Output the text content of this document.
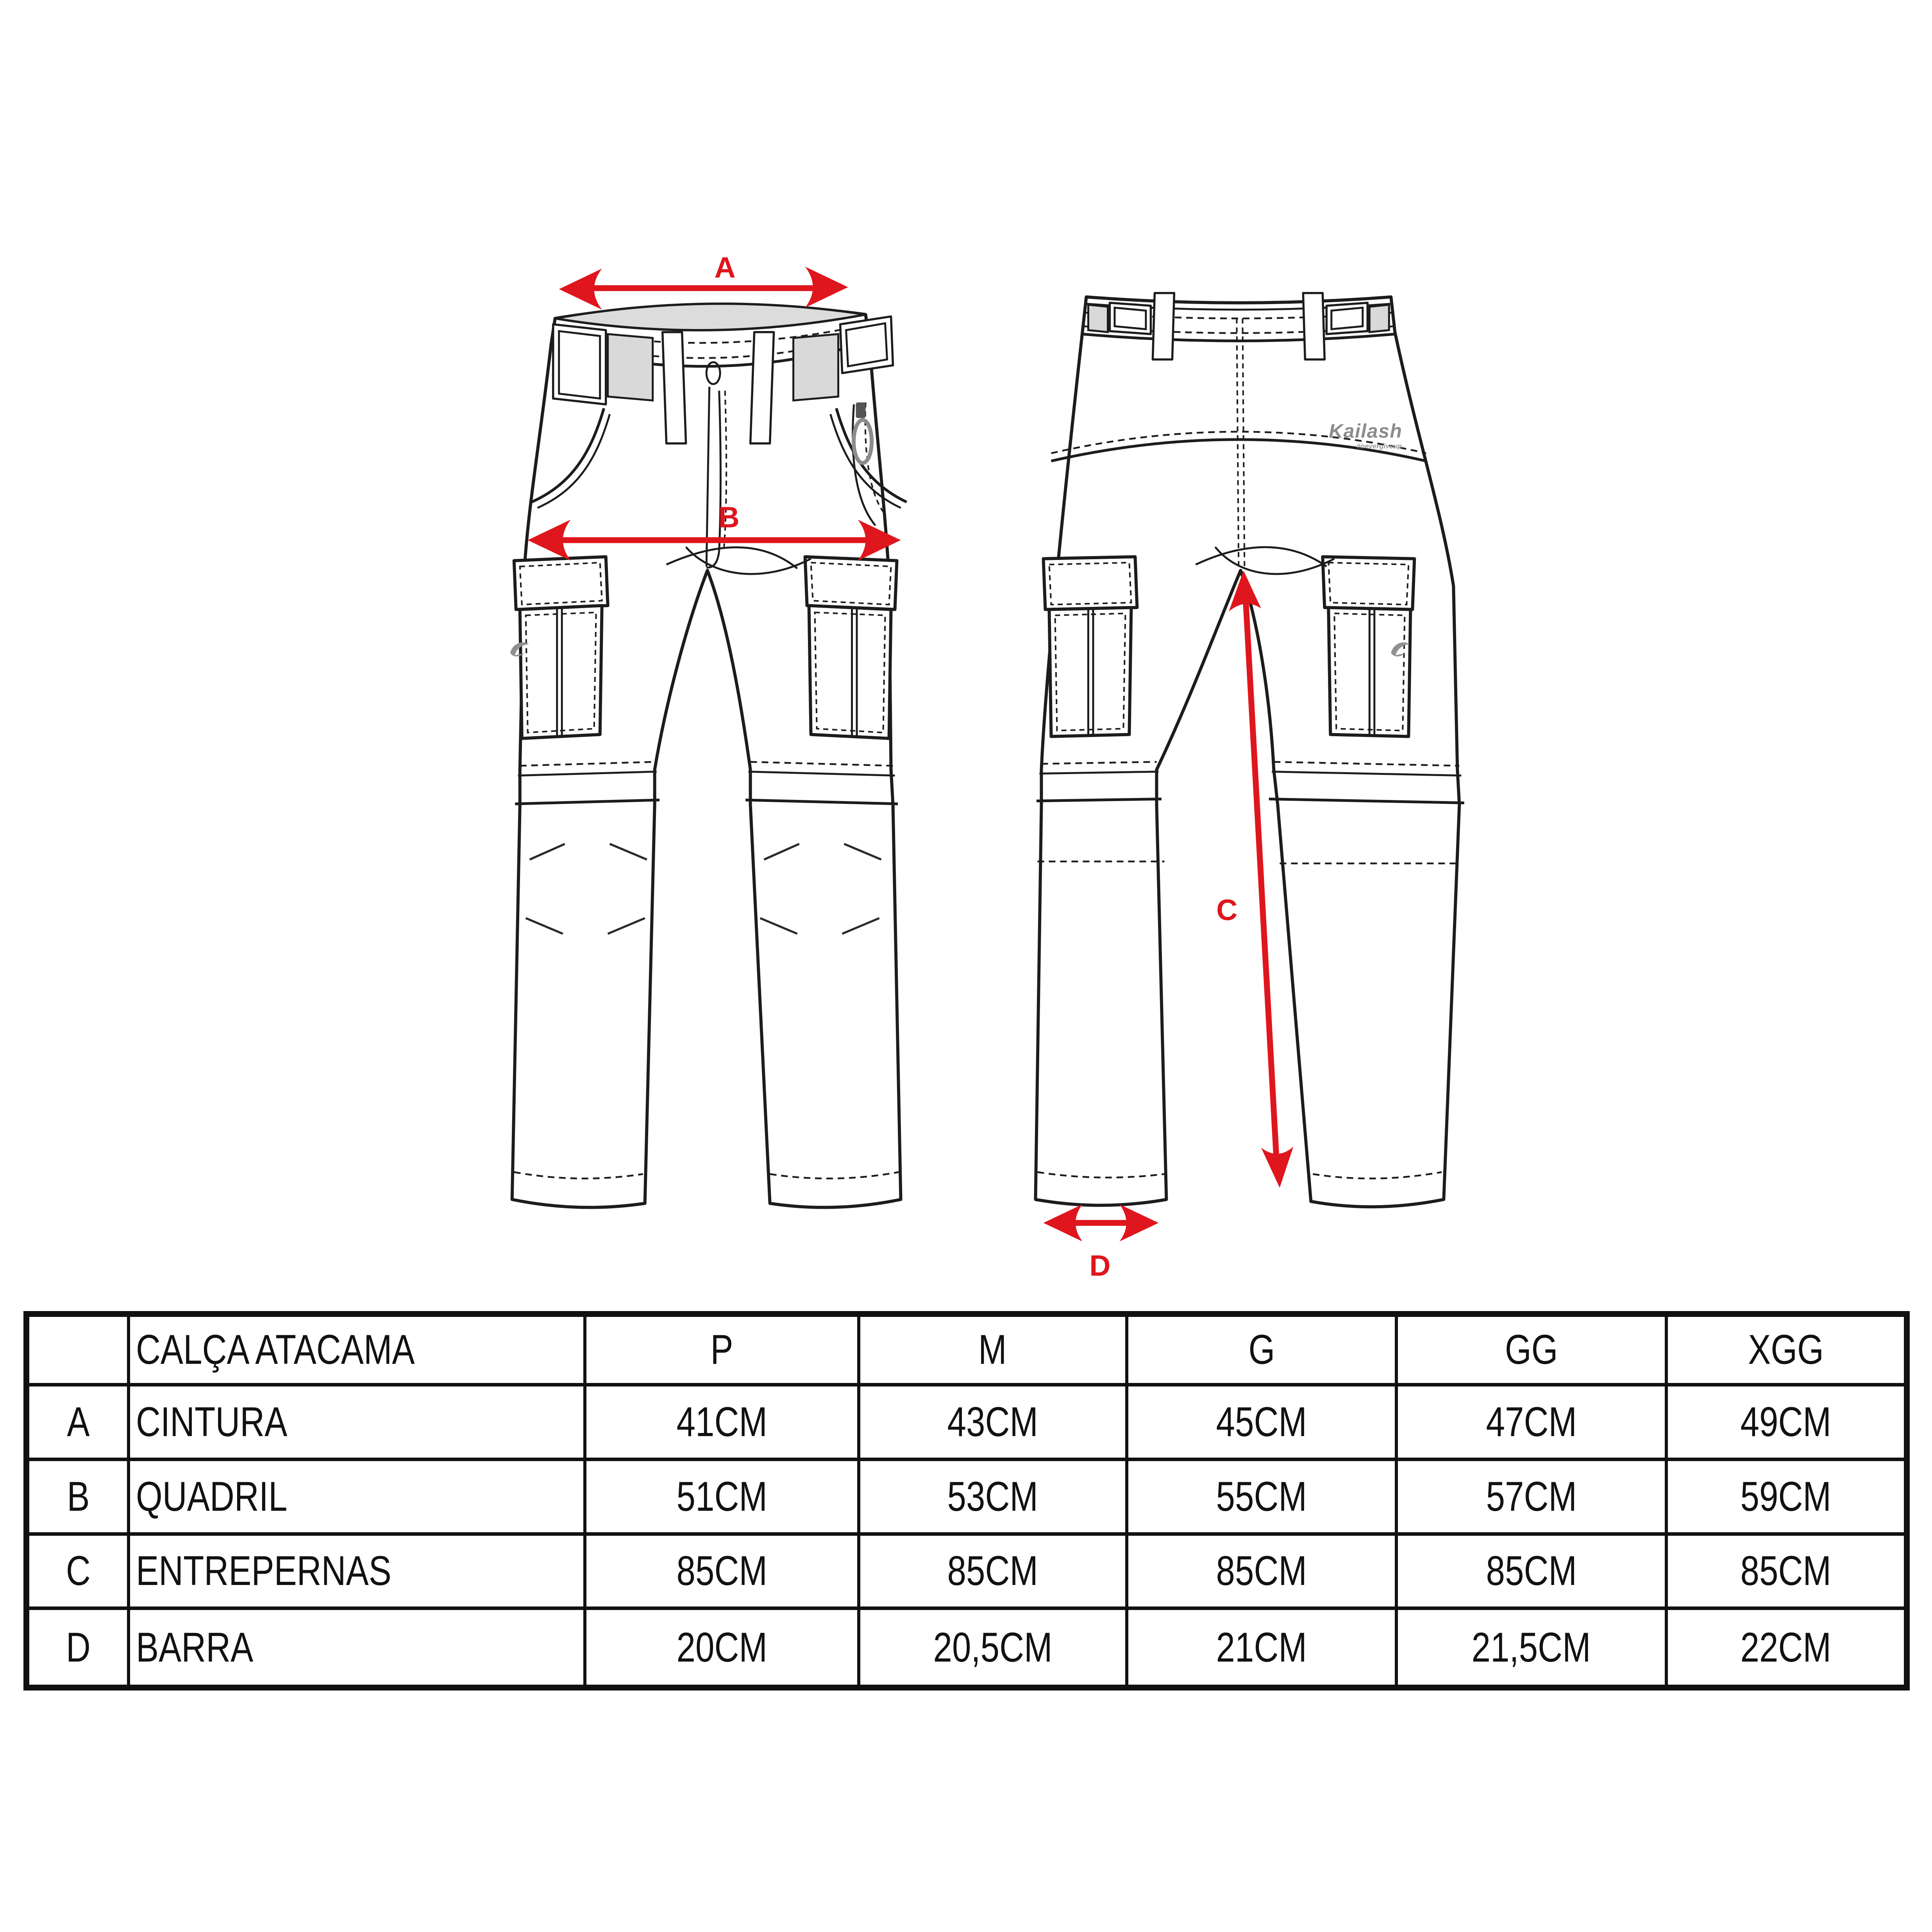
Kailash
#nevergiveup
A
B
C
D
CALÇA ATACAMA	P	M	G	GG	XGG
A CINTURA	41CM	43CM	45CM	47CM	49CM
B QUADRIL	51CM	53CM	55CM	57CM	59CM
C ENTREPERNAS	85CM	85CM	85CM	85CM	85CM
D BARRA	20CM	20,5CM	21CM	21,5CM	22CM
